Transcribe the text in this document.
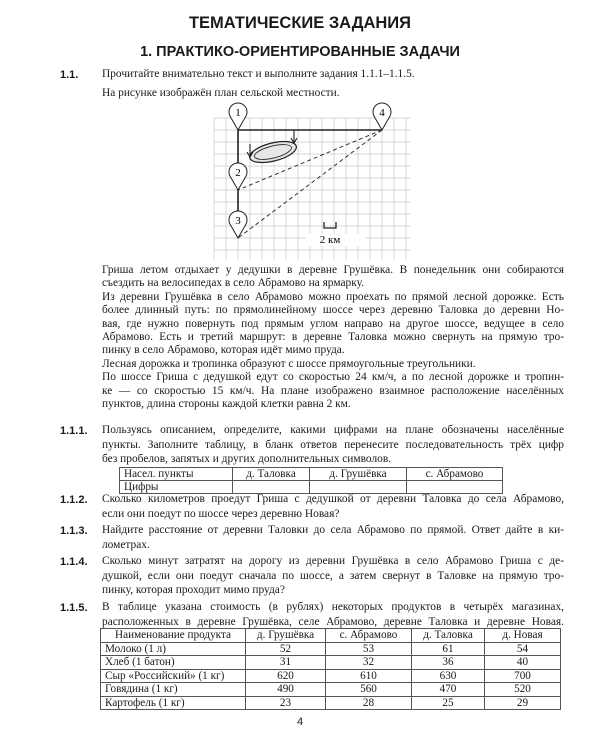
ТЕМАТИЧЕСКИЕ ЗАДАНИЯ
1. ПРАКТИКО-ОРИЕНТИРОВАННЫЕ ЗАДАЧИ
1.1. Прочитайте внимательно текст и выполните задания 1.1.1–1.1.5.
На рисунке изображён план сельской местности.
2 км
1
2
3
4
Гриша летом отдыхает у дедушки в деревне Грушёвка. В понедельник они собираются
съездить на велосипедах в село Абрамово на ярмарку.
Из деревни Грушёвка в село Абрамово можно проехать по прямой лесной дорожке. Есть
более длинный путь: по прямолинейному шоссе через деревню Таловка до деревни Но-
вая, где нужно повернуть под прямым углом направо на другое шоссе, ведущее в село
Абрамово. Есть и третий маршрут: в деревне Таловка можно свернуть на прямую тро-
пинку в село Абрамово, которая идёт мимо пруда.
Лесная дорожка и тропинка образуют с шоссе прямоугольные треугольники.
По шоссе Гриша с дедушкой едут со скоростью 24 км/ч, а по лесной дорожке и тропин-
ке — со скоростью 15 км/ч. На плане изображено взаимное расположение населённых
пунктов, длина стороны каждой клетки равна 2 км.
1.1.1. Пользуясь описанием, определите, какими цифрами на плане обозначены населённые
пункты. Заполните таблицу, в бланк ответов перенесите последовательность трёх цифр
без пробелов, запятых и других дополнительных символов.
Насел. пункты	д. Таловка	д. Грушёвка	с. Абрамово
Цифры			
1.1.2. Сколько километров проедут Гриша с дедушкой от деревни Таловка до села Абрамово,
если они поедут по шоссе через деревню Новая?
1.1.3. Найдите расстояние от деревни Таловки до села Абрамово по прямой. Ответ дайте в ки-
лометрах.
1.1.4. Сколько минут затратят на дорогу из деревни Грушёвка в село Абрамово Гриша с де-
душкой, если они поедут сначала по шоссе, а затем свернут в Таловке на прямую тро-
пинку, которая проходит мимо пруда?
1.1.5. В таблице указана стоимость (в рублях) некоторых продуктов в четырёх магазинах,
расположенных в деревне Грушёвка, селе Абрамово, деревне Таловка и деревне Новая.
Наименование продукта	д. Грушёвка	с. Абрамово	д. Таловка	д. Новая
Молоко (1 л)	52	53	61	54
Хлеб (1 батон)	31	32	36	40
Сыр «Российский» (1 кг)	620	610	630	700
Говядина (1 кг)	490	560	470	520
Картофель (1 кг)	23	28	25	29
4
